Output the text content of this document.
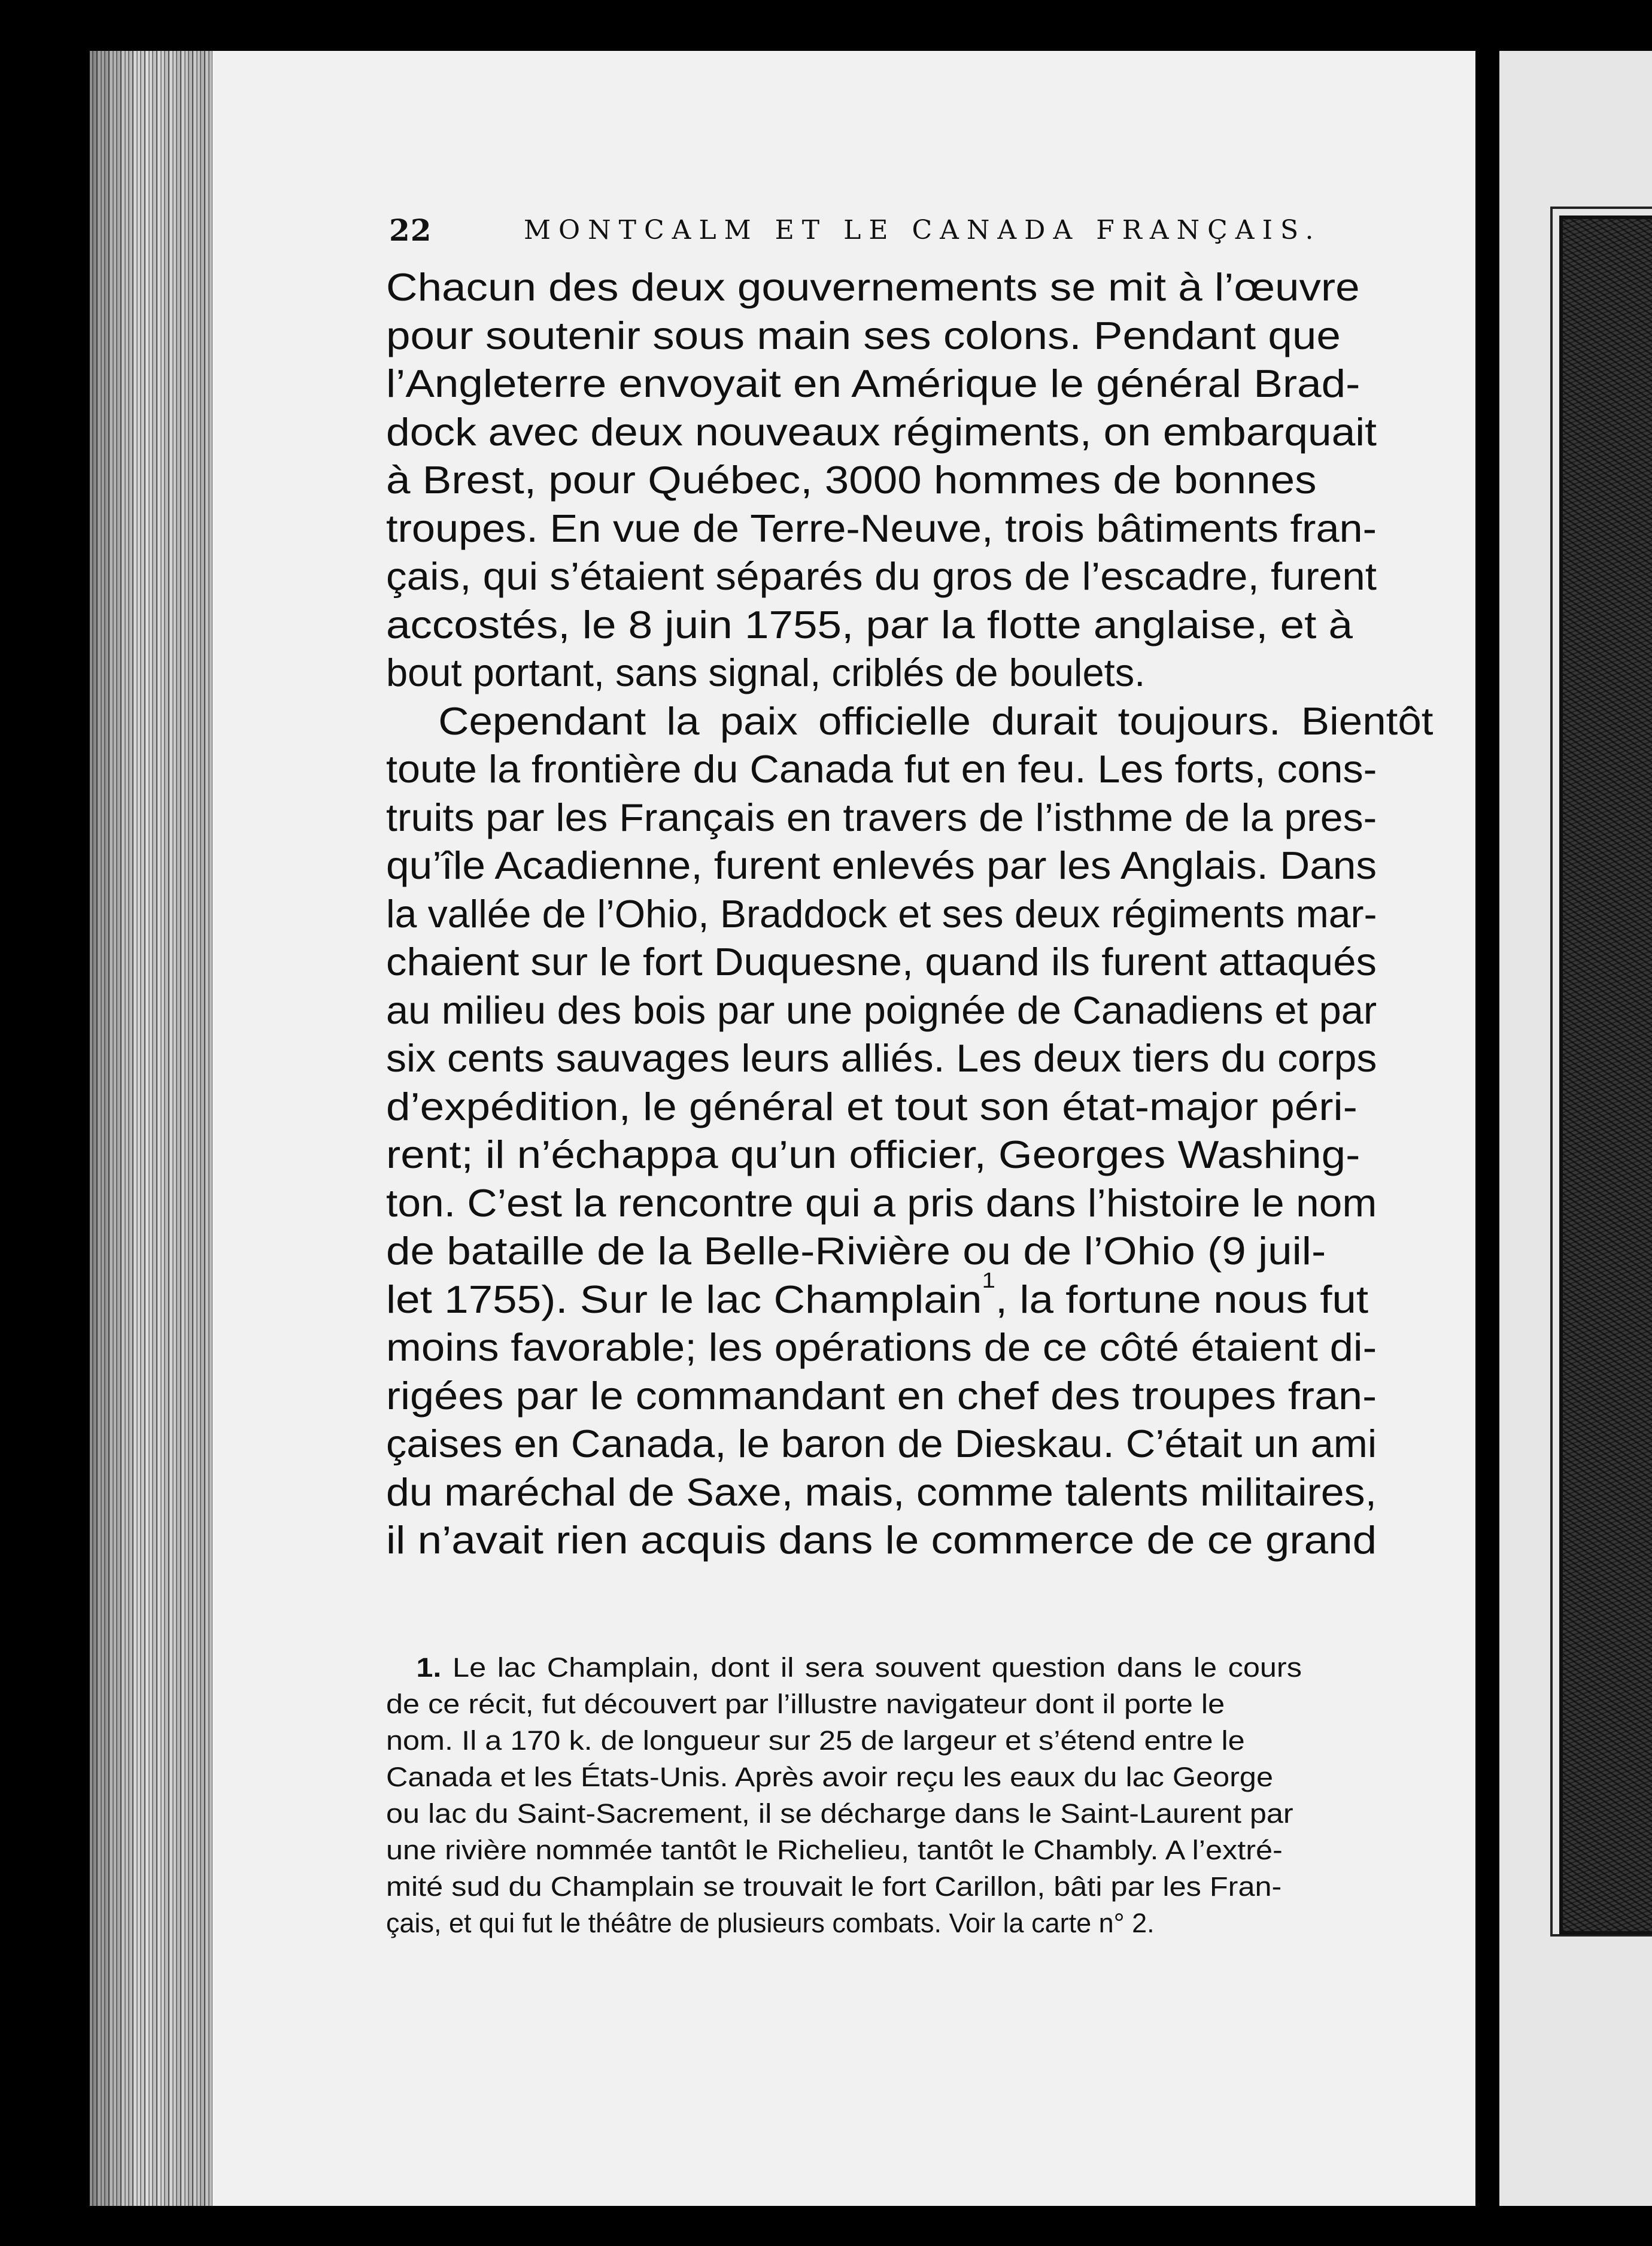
22	MONTCALM ET LE CANADA FRANÇAIS.

Chacun des deux gouvernements se mit à l’œuvre
pour soutenir sous main ses colons. Pendant que
l’Angleterre envoyait en Amérique le général Brad-
dock avec deux nouveaux régiments, on embarquait
à Brest, pour Québec, 3000 hommes de bonnes
troupes. En vue de Terre-Neuve, trois bâtiments fran-
çais, qui s’étaient séparés du gros de l’escadre, furent
accostés, le 8 juin 1755, par la flotte anglaise, et à
bout portant, sans signal, criblés de boulets.

Cependant la paix officielle durait toujours. Bientôt
toute la frontière du Canada fut en feu. Les forts, cons-
truits par les Français en travers de l’isthme de la pres-
qu’île Acadienne, furent enlevés par les Anglais. Dans
la vallée de l’Ohio, Braddock et ses deux régiments mar-
chaient sur le fort Duquesne, quand ils furent attaqués
au milieu des bois par une poignée de Canadiens et par
six cents sauvages leurs alliés. Les deux tiers du corps
d’expédition, le général et tout son état-major péri-
rent; il n’échappa qu’un officier, Georges Washing-
ton. C’est la rencontre qui a pris dans l’histoire le nom
de bataille de la Belle-Rivière ou de l’Ohio (9 juil-
let 1755). Sur le lac Champlain$^1$, la fortune nous fut
moins favorable; les opérations de ce côté étaient di-
rigées par le commandant en chef des troupes fran-
çaises en Canada, le baron de Dieskau. C’était un ami
du maréchal de Saxe, mais, comme talents militaires,
il n’avait rien acquis dans le commerce de ce grand

1. Le lac Champlain, dont il sera souvent question dans le cours
de ce récit, fut découvert par l’illustre navigateur dont il porte le
nom. Il a 170 k. de longueur sur 25 de largeur et s’étend entre le
Canada et les États-Unis. Après avoir reçu les eaux du lac George
ou lac du Saint-Sacrement, il se décharge dans le Saint-Laurent par
une rivière nommée tantôt le Richelieu, tantôt le Chambly. A l’extré-
mité sud du Champlain se trouvait le fort Carillon, bâti par les Fran-
çais, et qui fut le théâtre de plusieurs combats. Voir la carte n° 2.
